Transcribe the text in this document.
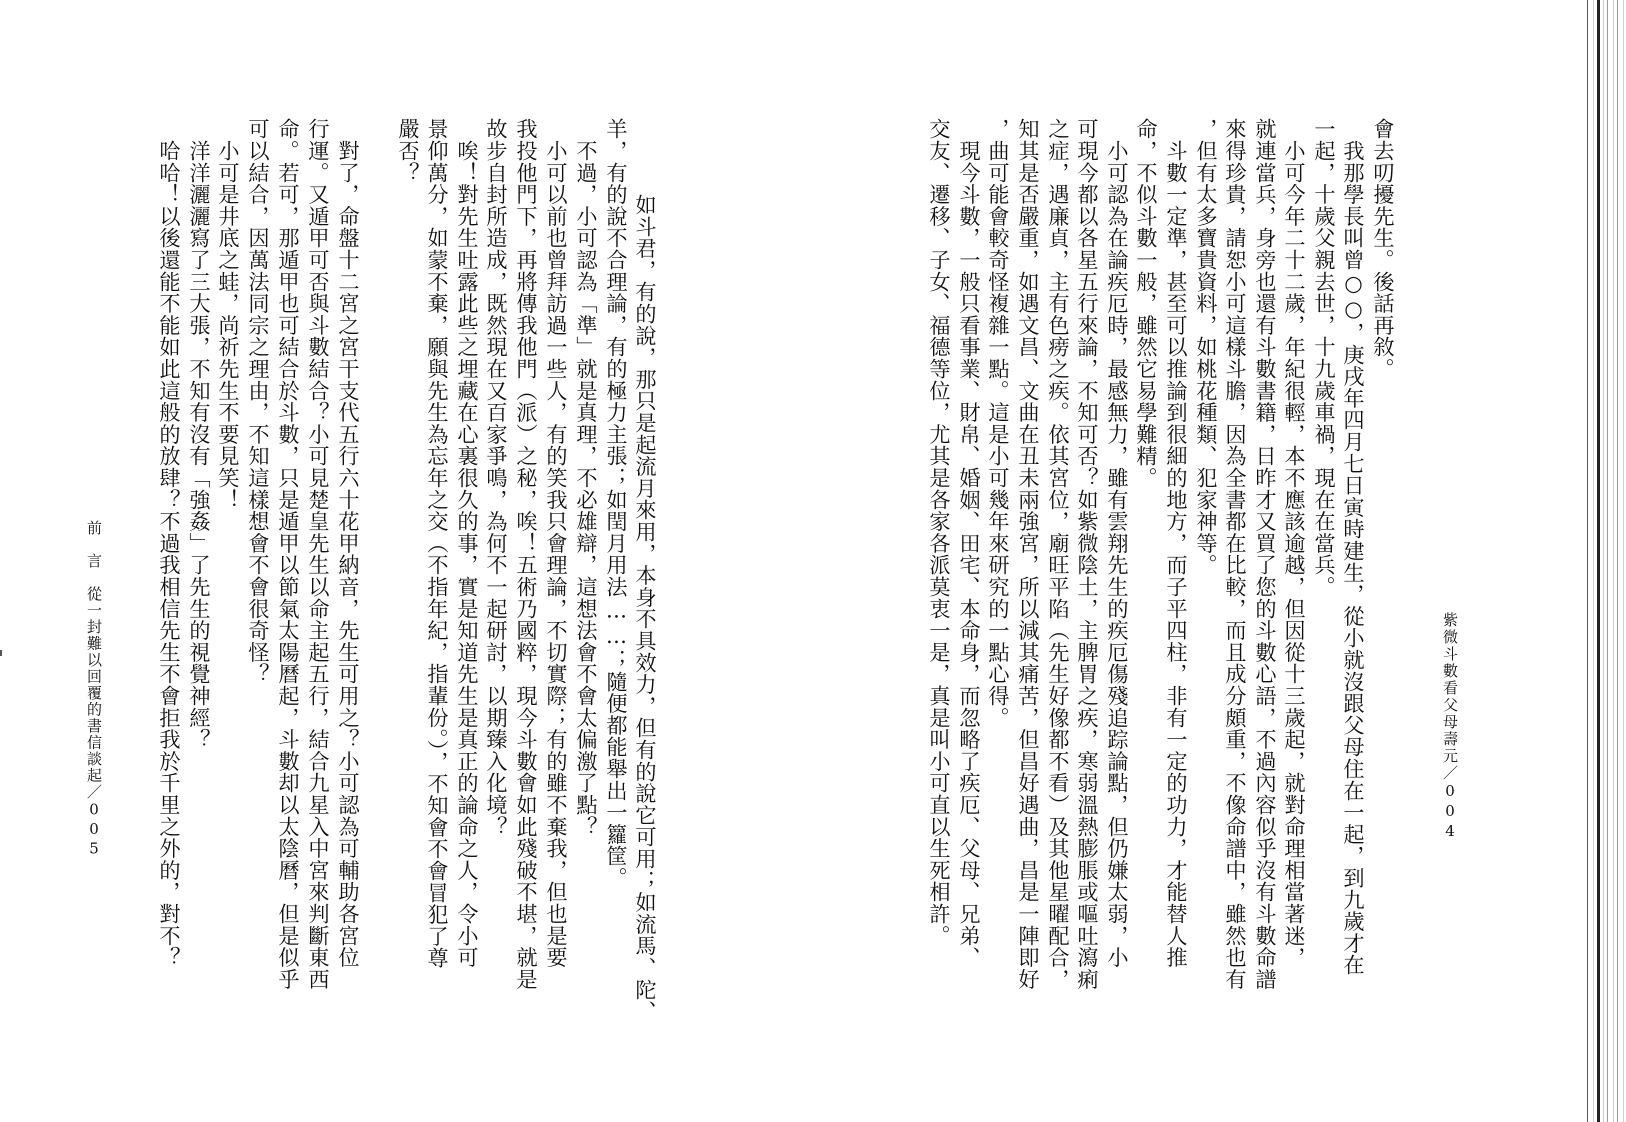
　如斗君，有的說，那只是起流月來用，本身不具效力，但有的說它可用；如流馬、陀、
羊，有的說不合理論，有的極力主張；如閏月用法……；隨便都能舉出一籮筐。
　不過，小可認為「準」就是真理，不必雄辯，這想法會不會太偏激了點？
　小可以前也曾拜訪過一些人，有的笑我只會理論，不切實際；有的雖不棄我，但也是要
我投他門下，再將傳我他門（派）之秘，唉！五術乃國粹，現今斗數會如此殘破不堪，就是
故步自封所造成，既然現在又百家爭鳴，為何不一起研討，以期臻入化境？
　唉！對先生吐露此些之埋藏在心裏很久的事，實是知道先生是真正的論命之人，令小可
景仰萬分，如蒙不棄，願與先生為忘年之交（不指年紀，指輩份。），不知會不會冒犯了尊
嚴否？
　對了，命盤十二宮之宮干支代五行六十花甲納音，先生可用之？小可認為可輔助各宮位
行運。又遁甲可否與斗數結合？小可見楚皇先生以命主起五行，結合九星入中宮來判斷東西
命。若可，那遁甲也可結合於斗數，只是遁甲以節氣太陽曆起，斗數却以太陰曆，但是似乎
可以結合，因萬法同宗之理由，不知這樣想會不會很奇怪？
　小可是井底之蛙，尚祈先生不要見笑！
　洋洋灑灑寫了三大張，不知有沒有「強姦」了先生的視覺神經？
　哈哈！以後還能不能如此這般的放肆？不過我相信先生不會拒我於千里之外的，對不？
前　言　從一封難以回覆的書信談起／005	紫微斗數看父母壽元／004
會去叨擾先生。後話再敘。
　我那學長叫曾○○，庚戌年四月七日寅時建生，從小就沒跟父母住在一起，到九歲才在
一起，十歲父親去世，十九歲車禍，現在在當兵。
　小可今年二十二歲，年紀很輕，本不應該逾越，但因從十三歲起，就對命理相當著迷，
就連當兵，身旁也還有斗數書籍，日昨才又買了您的斗數心語，不過內容似乎沒有斗數命譜
來得珍貴，請恕小可這樣斗膽，因為全書都在比較，而且成分頗重，不像命譜中，雖然也有
，但有太多寶貴資料，如桃花種類、犯家神等。
　斗數一定準，甚至可以推論到很細的地方，而子平四柱，非有一定的功力，才能替人推
命，不似斗數一般，雖然它易學難精。
　小可認為在論疾厄時，最感無力，雖有雲翔先生的疾厄傷殘追踪論點，但仍嫌太弱，小
可現今都以各星五行來論，不知可否？如紫微陰土，主脾胃之疾，寒弱溫熱膨脹或嘔吐瀉痢
之症，遇廉貞，主有色痨之疾。依其宮位，廟旺平陷（先生好像都不看）及其他星曜配合，
知其是否嚴重，如遇文昌、文曲在丑未兩強宮，所以減其痛苦，但昌好遇曲，昌是一陣即好
，曲可能會較奇怪複雜一點。這是小可幾年來研究的一點心得。
　現今斗數，一般只看事業、財帛、婚姻、田宅、本命身，而忽略了疾厄、父母、兄弟、
交友、遷移、子女、福德等位，尤其是各家各派莫衷一是，真是叫小可直以生死相許。
